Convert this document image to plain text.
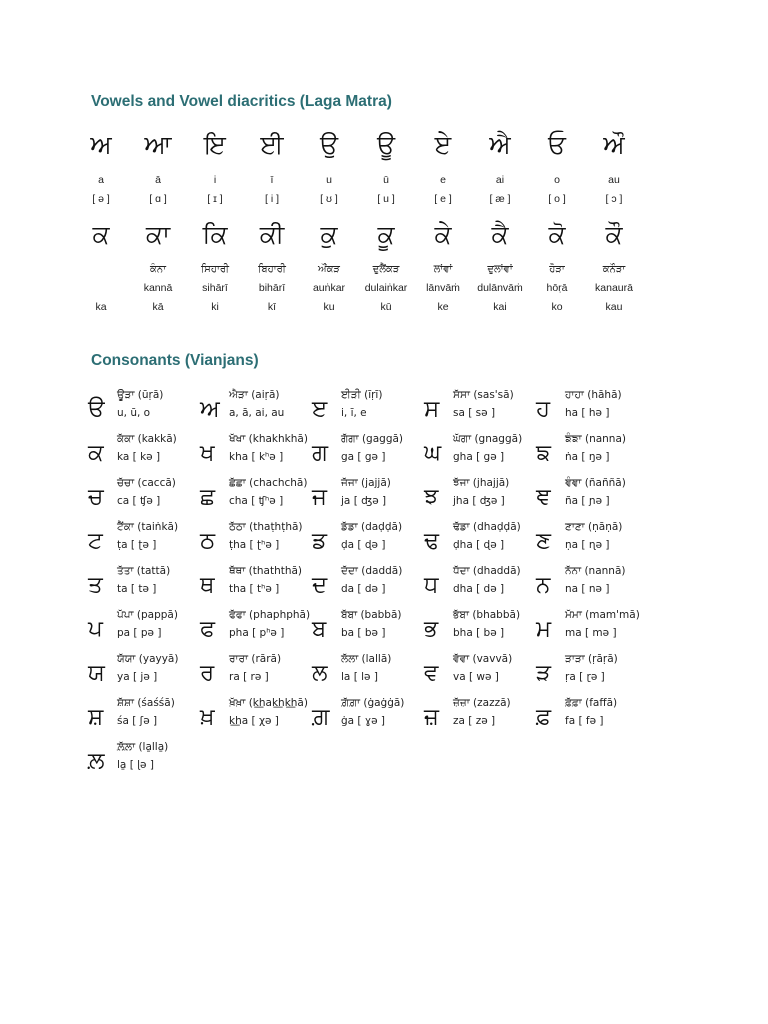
Vowels and Vowel diacritics (Laga Matra)
ਅ
a
[ ə ]
ਕ
ka
ਆ
ā
[ ɑ ]
ਕਾ
ਕੰਨਾ
kannā
kā
ਇ
i
[ ɪ ]
ਕਿ
ਸਿਹਾਰੀ
sihārī
ki
ਈ
ī
[ i ]
ਕੀ
ਬਿਹਾਰੀ
bihārī
kī
ਉ
u
[ ʊ ]
ਕੁ
ਔਂਕੜ
auṅkar
ku
ਊ
ū
[ u ]
ਕੂ
ਦੁਲੈਂਕੜ
dulaiṅkar
kū
ਏ
e
[ e ]
ਕੇ
ਲਾਂਵਾਂ
lānvāṁ
ke
ਐ
ai
[ æ ]
ਕੈ
ਦੁਲਾਂਵਾਂ
dulānvāṁ
kai
ਓ
o
[ o ]
ਕੋ
ਹੋੜਾ
hōṛā
ko
ਔ
au
[ ɔ ]
ਕੌ
ਕਨੌੜਾ
kanaurā
kau
Consonants (Vianjans)
ੳ
ਊੜਾ (ūṛā)
u, ū, o ਅ
ਐੜਾ (aiṛā)
a, ā, ai, au ੲ
ਈੜੀ (īṛī)
i, ī, e ਸ
ਸੱਸਾ (sas'sā)
sa [ sə ] ਹ
ਹਾਹਾ (hāhā)
ha [ hə ]
ਕ
ਕੱਕਾ (kakkā)
ka [ kə ] ਖ
ਖੱਖਾ (khakhkhā)
kha [ kʰə ] ਗ
ਗੱਗਾ (gaggā)
ga [ gə ] ਘ
ਘੱਗਾ (gnaggā)
gha [ gə ] ਙ
ਙੰਙਾ (nanna)
ṅa [ ŋə ]
ਚ
ਚੱਚਾ (caccā)
ca [ ʧə ] ਛ
ਛੱਛਾ (chachchā)
cha [ ʧʰə ] ਜ
ਜੱਜਾ (jajjā)
ja [ ʤə ] ਝ
ਝੱਜਾ (jhajjā)
jha [ ʤə ] ਞ
ਞੰਞਾ (ñaññā)
ña [ ɲə ]
ਟ
ਟੈਂਕਾ (taiṅkā)
ṭa [ ʈə ] ਠ
ਠੱਠਾ (thaṭhṭhā)
ṭha [ ʈʰə ] ਡ
ਡੱਡਾ (daḍḍā)
ḍa [ ɖə ] ਢ
ਢੱਡਾ (dhaḍḍā)
ḍha [ ɖə ] ਣ
ਣਾਣਾ (ṇāṇā)
ṇa [ ɳə ]
ਤ
ਤੱਤਾ (tattā)
ta [ tə ] ਥ
ਥੱਥਾ (thaththā)
tha [ tʰə ] ਦ
ਦੱਦਾ (daddā)
da [ də ] ਧ
ਧੱਦਾ (dhaddā)
dha [ də ] ਨ
ਨੱਨਾ (nannā)
na [ nə ]
ਪ
ਪੱਪਾ (pappā)
pa [ pə ] ਫ
ਫੱਫਾ (phaphphā)
pha [ pʰə ] ਬ
ਬੱਬਾ (babbā)
ba [ bə ] ਭ
ਭੱਬਾ (bhabbā)
bha [ bə ] ਮ
ਮੱਮਾ (mam'mā)
ma [ mə ]
ਯ
ਯੱਯਾ (yayyā)
ya [ jə ] ਰ
ਰਾਰਾ (rārā)
ra [ rə ] ਲ
ਲੱਲਾ (lallā)
la [ lə ] ਵ
ਵੱਵਾ (vavvā)
va [ wə ] ੜ
ੜਾੜਾ (ṛāṛā)
ṛa [ ɽə ]
ਸ਼
ਸ਼ੱਸ਼ਾ (śaśśā)
śa [ ʃə ] ਖ਼
ਖ਼ੱਖ਼ਾ (k͟hak͟hk͟hā)
k͟ha [ χə ] ਗ਼
ਗ਼ੱਗ਼ਾ (ġaġġā)
ġa [ ɣə ] ਜ਼
ਜ਼ੱਜ਼ਾ (zazzā)
za [ zə ] ਫ਼
ਫ਼ੱਫ਼ਾ (faffā)
fa [ fə ]
ਲ਼
ਲ਼ੱਲ਼ਾ (la̱lla̱)
la̱ [ ɭə ]
